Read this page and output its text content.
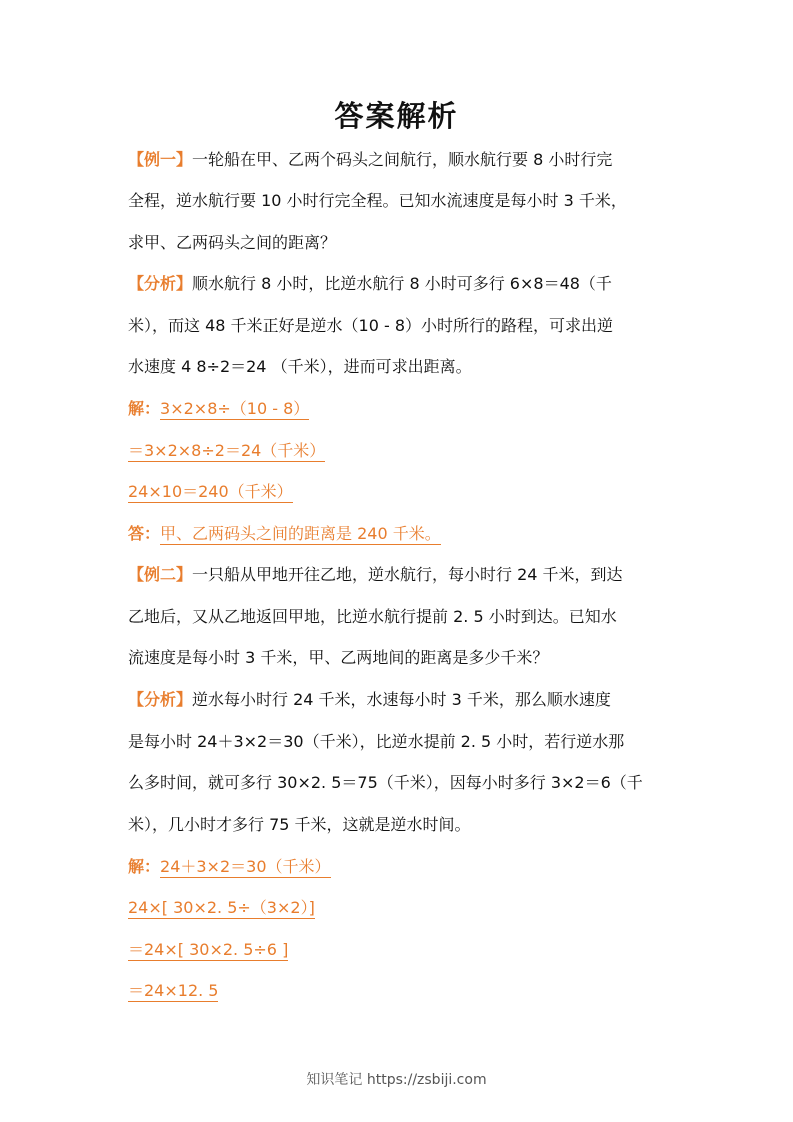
答案解析
【例一】一轮船在甲、乙两个码头之间航行，顺水航行要 8 小时行完
全程，逆水航行要 10 小时行完全程。已知水流速度是每小时 3 千米，
求甲、乙两码头之间的距离？
【分析】顺水航行 8 小时，比逆水航行 8 小时可多行 6×8＝48（千
米），而这 48 千米正好是逆水（10 - 8）小时所行的路程，可求出逆
水速度 4 8÷2＝24 （千米），进而可求出距离。
解：3×2×8÷（10 - 8）
＝3×2×8÷2＝24（千米）
24×10＝240（千米）
答：甲、乙两码头之间的距离是 240 千米。
【例二】一只船从甲地开往乙地，逆水航行，每小时行 24 千米，到达
乙地后，又从乙地返回甲地，比逆水航行提前 2. 5 小时到达。已知水
流速度是每小时 3 千米，甲、乙两地间的距离是多少千米？
【分析】逆水每小时行 24 千米，水速每小时 3 千米，那么顺水速度
是每小时 24＋3×2＝30（千米），比逆水提前 2. 5 小时，若行逆水那
么多时间，就可多行 30×2. 5＝75（千米），因每小时多行 3×2＝6（千
米），几小时才多行 75 千米，这就是逆水时间。
解：24＋3×2＝30（千米）
24×[ 30×2. 5÷（3×2）]
＝24×[ 30×2. 5÷6 ]
＝24×12. 5
知识笔记 https://zsbiji.com
